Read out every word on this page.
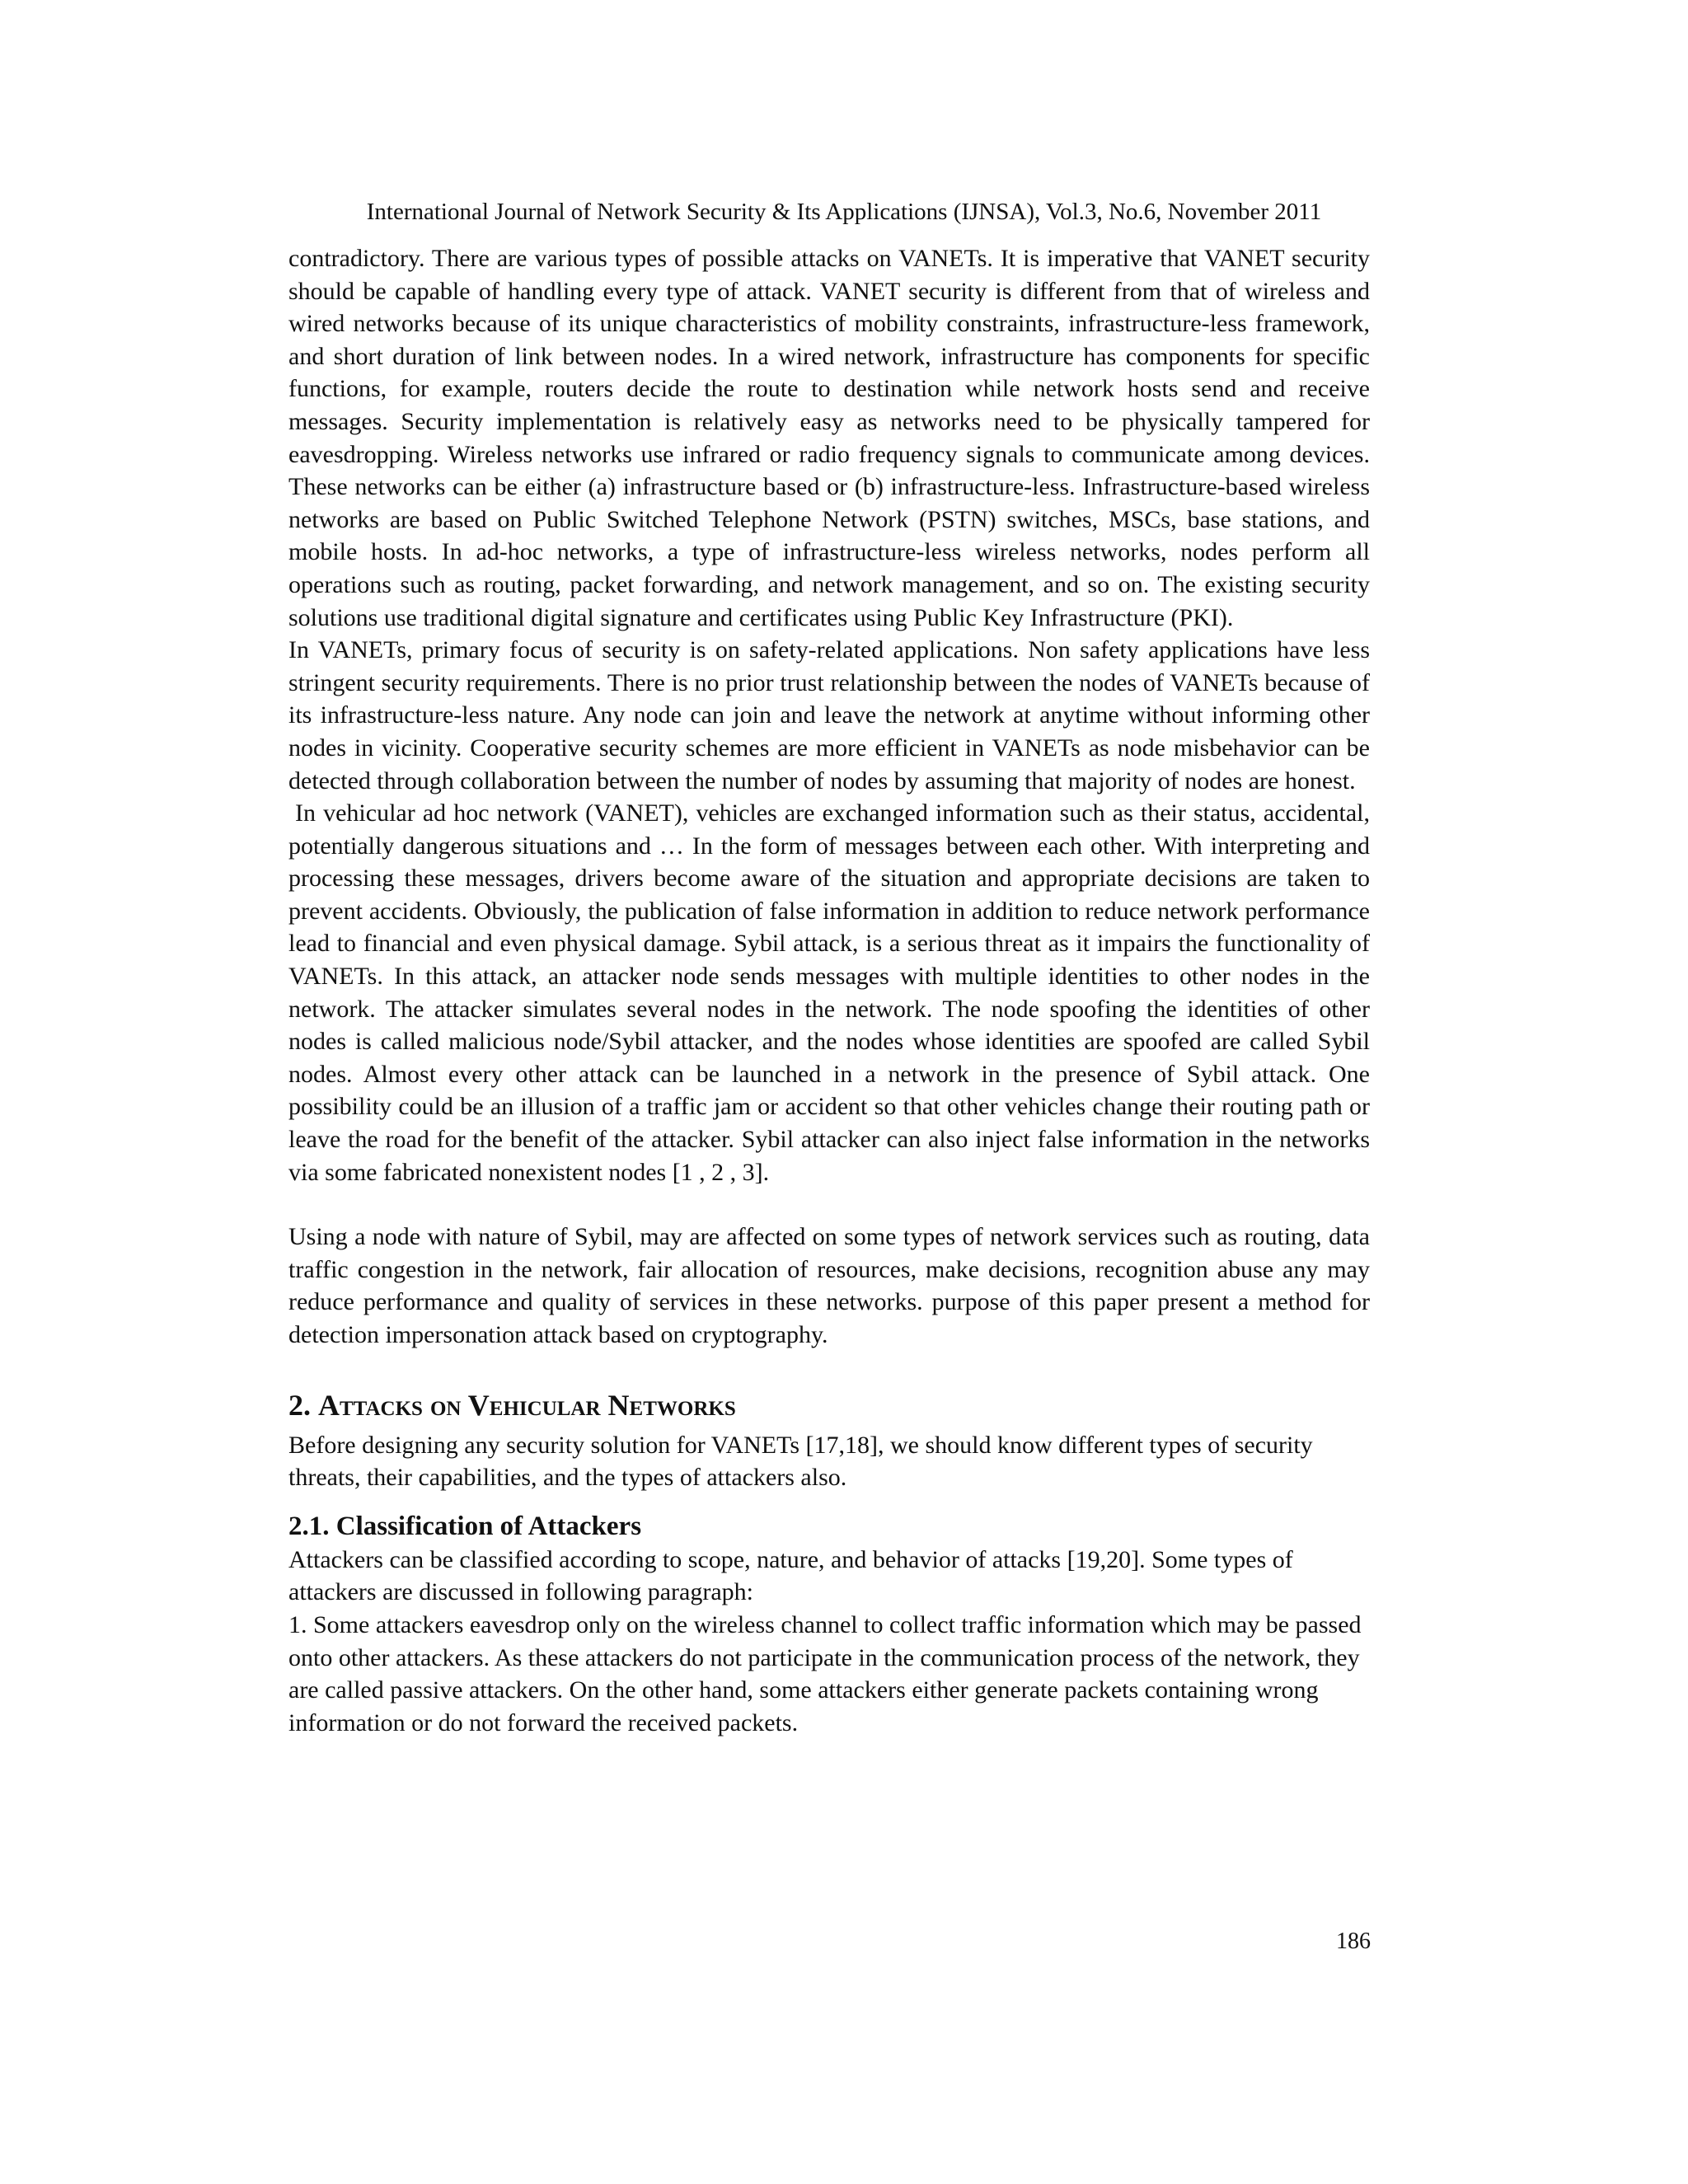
International Journal of Network Security & Its Applications (IJNSA), Vol.3, No.6, November 2011

contradictory. There are various types of possible attacks on VANETs. It is imperative that VANET security should be capable of handling every type of attack. VANET security is different from that of wireless and wired networks because of its unique characteristics of mobility constraints, infrastructure-less framework, and short duration of link between nodes. In a wired network, infrastructure has components for specific functions, for example, routers decide the route to destination while network hosts send and receive messages. Security implementation is relatively easy as networks need to be physically tampered for eavesdropping. Wireless networks use infrared or radio frequency signals to communicate among devices. These networks can be either (a) infrastructure based or (b) infrastructure-less. Infrastructure-based wireless networks are based on Public Switched Telephone Network (PSTN) switches, MSCs, base stations, and mobile hosts. In ad-hoc networks, a type of infrastructure-less wireless networks, nodes perform all operations such as routing, packet forwarding, and network management, and so on. The existing security solutions use traditional digital signature and certificates using Public Key Infrastructure (PKI).

In VANETs, primary focus of security is on safety-related applications. Non safety applications have less stringent security requirements. There is no prior trust relationship between the nodes of VANETs because of its infrastructure-less nature. Any node can join and leave the network at anytime without informing other nodes in vicinity. Cooperative security schemes are more efficient in VANETs as node misbehavior can be detected through collaboration between the number of nodes by assuming that majority of nodes are honest.

In vehicular ad hoc network (VANET), vehicles are exchanged information such as their status, accidental, potentially dangerous situations and … In the form of messages between each other. With interpreting and processing these messages, drivers become aware of the situation and appropriate decisions are taken to prevent accidents. Obviously, the publication of false information in addition to reduce network performance lead to financial and even physical damage. Sybil attack, is a serious threat as it impairs the functionality of VANETs. In this attack, an attacker node sends messages with multiple identities to other nodes in the network. The attacker simulates several nodes in the network. The node spoofing the identities of other nodes is called malicious node/Sybil attacker, and the nodes whose identities are spoofed are called Sybil nodes. Almost every other attack can be launched in a network in the presence of Sybil attack. One possibility could be an illusion of a traffic jam or accident so that other vehicles change their routing path or leave the road for the benefit of the attacker. Sybil attacker can also inject false information in the networks via some fabricated nonexistent nodes [1 , 2 , 3].

Using a node with nature of Sybil, may are affected on some types of network services such as routing, data traffic congestion in the network, fair allocation of resources, make decisions, recognition abuse any may reduce performance and quality of services in these networks. purpose of this paper present a method for detection impersonation attack based on cryptography.

2. Attacks on Vehicular Networks

Before designing any security solution for VANETs [17,18], we should know different types of security threats, their capabilities, and the types of attackers also.

2.1. Classification of Attackers

Attackers can be classified according to scope, nature, and behavior of attacks [19,20]. Some types of attackers are discussed in following paragraph:

1. Some attackers eavesdrop only on the wireless channel to collect traffic information which may be passed onto other attackers. As these attackers do not participate in the communication process of the network, they are called passive attackers. On the other hand, some attackers either generate packets containing wrong information or do not forward the received packets.

186
